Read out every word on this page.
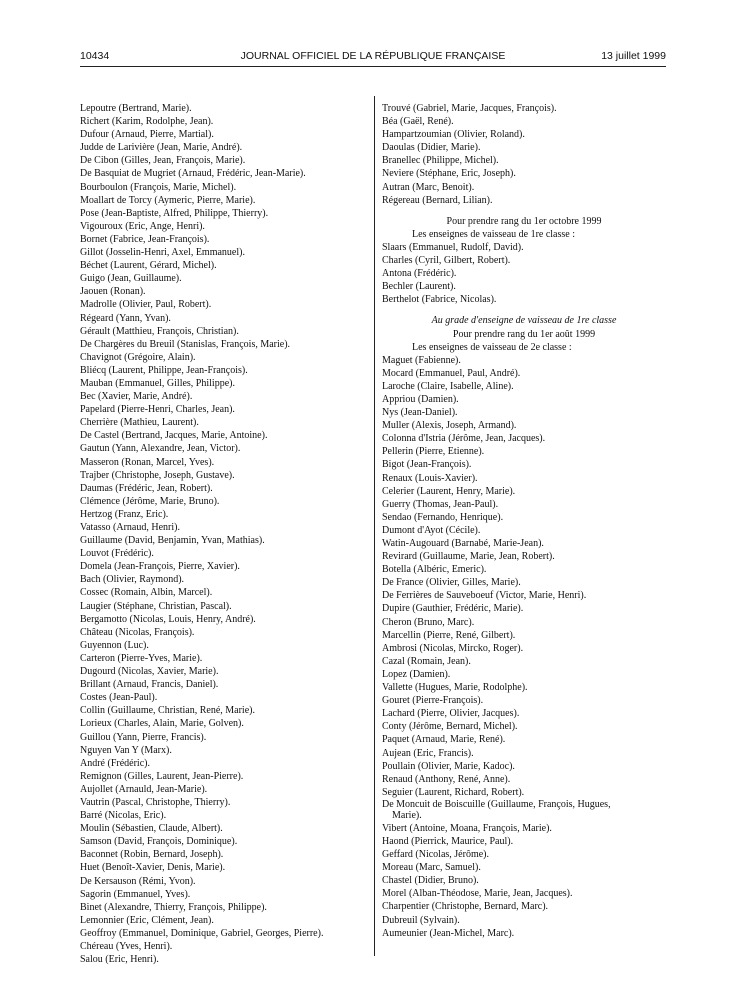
10434	JOURNAL OFFICIEL DE LA RÉPUBLIQUE FRANÇAISE	13 juillet 1999
Lepoutre (Bertrand, Marie).
Richert (Karim, Rodolphe, Jean).
Dufour (Arnaud, Pierre, Martial).
Judde de Larivière (Jean, Marie, André).
De Cibon (Gilles, Jean, François, Marie).
De Basquiat de Mugriet (Arnaud, Frédéric, Jean-Marie).
Bourboulon (François, Marie, Michel).
Moallart de Torcy (Aymeric, Pierre, Marie).
Pose (Jean-Baptiste, Alfred, Philippe, Thierry).
Vigouroux (Eric, Ange, Henri).
Bornet (Fabrice, Jean-François).
Gillot (Josselin-Henri, Axel, Emmanuel).
Béchet (Laurent, Gérard, Michel).
Guigo (Jean, Guillaume).
Jaouen (Ronan).
Madrolle (Olivier, Paul, Robert).
Régeard (Yann, Yvan).
Gérault (Matthieu, François, Christian).
De Chargères du Breuil (Stanislas, François, Marie).
Chavignot (Grégoire, Alain).
Bliécq (Laurent, Philippe, Jean-François).
Mauban (Emmanuel, Gilles, Philippe).
Bec (Xavier, Marie, André).
Papelard (Pierre-Henri, Charles, Jean).
Cherrière (Mathieu, Laurent).
De Castel (Bertrand, Jacques, Marie, Antoine).
Gautun (Yann, Alexandre, Jean, Victor).
Masseron (Ronan, Marcel, Yves).
Trajber (Christophe, Joseph, Gustave).
Daumas (Frédéric, Jean, Robert).
Clémence (Jérôme, Marie, Bruno).
Hertzog (Franz, Eric).
Vatasso (Arnaud, Henri).
Guillaume (David, Benjamin, Yvan, Mathias).
Louvot (Frédéric).
Domela (Jean-François, Pierre, Xavier).
Bach (Olivier, Raymond).
Cossec (Romain, Albin, Marcel).
Laugier (Stéphane, Christian, Pascal).
Bergamotto (Nicolas, Louis, Henry, André).
Château (Nicolas, François).
Guyennon (Luc).
Carteron (Pierre-Yves, Marie).
Dugourd (Nicolas, Xavier, Marie).
Brillant (Arnaud, Francis, Daniel).
Costes (Jean-Paul).
Collin (Guillaume, Christian, René, Marie).
Lorieux (Charles, Alain, Marie, Golven).
Guillou (Yann, Pierre, Francis).
Nguyen Van Y (Marx).
André (Frédéric).
Remignon (Gilles, Laurent, Jean-Pierre).
Aujollet (Arnauld, Jean-Marie).
Vautrin (Pascal, Christophe, Thierry).
Barré (Nicolas, Eric).
Moulin (Sébastien, Claude, Albert).
Samson (David, François, Dominique).
Baconnet (Robin, Bernard, Joseph).
Huet (Benoît-Xavier, Denis, Marie).
De Kersauson (Rémi, Yvon).
Sagorin (Emmanuel, Yves).
Binet (Alexandre, Thierry, François, Philippe).
Lemonnier (Eric, Clément, Jean).
Geoffroy (Emmanuel, Dominique, Gabriel, Georges, Pierre).
Chéreau (Yves, Henri).
Salou (Eric, Henri).
Trouvé (Gabriel, Marie, Jacques, François).
Béa (Gaël, René).
Hampartzoumian (Olivier, Roland).
Daoulas (Didier, Marie).
Branellec (Philippe, Michel).
Neviere (Stéphane, Eric, Joseph).
Autran (Marc, Benoit).
Régereau (Bernard, Lilian).
Pour prendre rang du 1er octobre 1999
Les enseignes de vaisseau de 1re classe :
Slaars (Emmanuel, Rudolf, David).
Charles (Cyril, Gilbert, Robert).
Antona (Frédéric).
Bechler (Laurent).
Berthelot (Fabrice, Nicolas).
Au grade d'enseigne de vaisseau de 1re classe
Pour prendre rang du 1er août 1999
Les enseignes de vaisseau de 2e classe :
Maguet (Fabienne).
Mocard (Emmanuel, Paul, André).
Laroche (Claire, Isabelle, Aline).
Appriou (Damien).
Nys (Jean-Daniel).
Muller (Alexis, Joseph, Armand).
Colonna d'Istria (Jérôme, Jean, Jacques).
Pellerin (Pierre, Etienne).
Bigot (Jean-François).
Renaux (Louis-Xavier).
Celerier (Laurent, Henry, Marie).
Guerry (Thomas, Jean-Paul).
Sendao (Fernando, Henrique).
Dumont d'Ayot (Cécile).
Watin-Augouard (Barnabé, Marie-Jean).
Revirard (Guillaume, Marie, Jean, Robert).
Botella (Albéric, Emeric).
De France (Olivier, Gilles, Marie).
De Ferrières de Sauveboeuf (Victor, Marie, Henri).
Dupire (Gauthier, Frédéric, Marie).
Cheron (Bruno, Marc).
Marcellin (Pierre, René, Gilbert).
Ambrosi (Nicolas, Mircko, Roger).
Cazal (Romain, Jean).
Lopez (Damien).
Vallette (Hugues, Marie, Rodolphe).
Gouret (Pierre-François).
Lachard (Pierre, Olivier, Jacques).
Conty (Jérôme, Bernard, Michel).
Paquet (Arnaud, Marie, René).
Aujean (Eric, Francis).
Poullain (Olivier, Marie, Kadoc).
Renaud (Anthony, René, Anne).
Seguier (Laurent, Richard, Robert).
De Moncuit de Boiscuille (Guillaume, François, Hugues,
Marie).
Vibert (Antoine, Moana, François, Marie).
Haond (Pierrick, Maurice, Paul).
Geffard (Nicolas, Jérôme).
Moreau (Marc, Samuel).
Chastel (Didier, Bruno).
Morel (Alban-Théodose, Marie, Jean, Jacques).
Charpentier (Christophe, Bernard, Marc).
Dubreuil (Sylvain).
Aumeunier (Jean-Michel, Marc).
